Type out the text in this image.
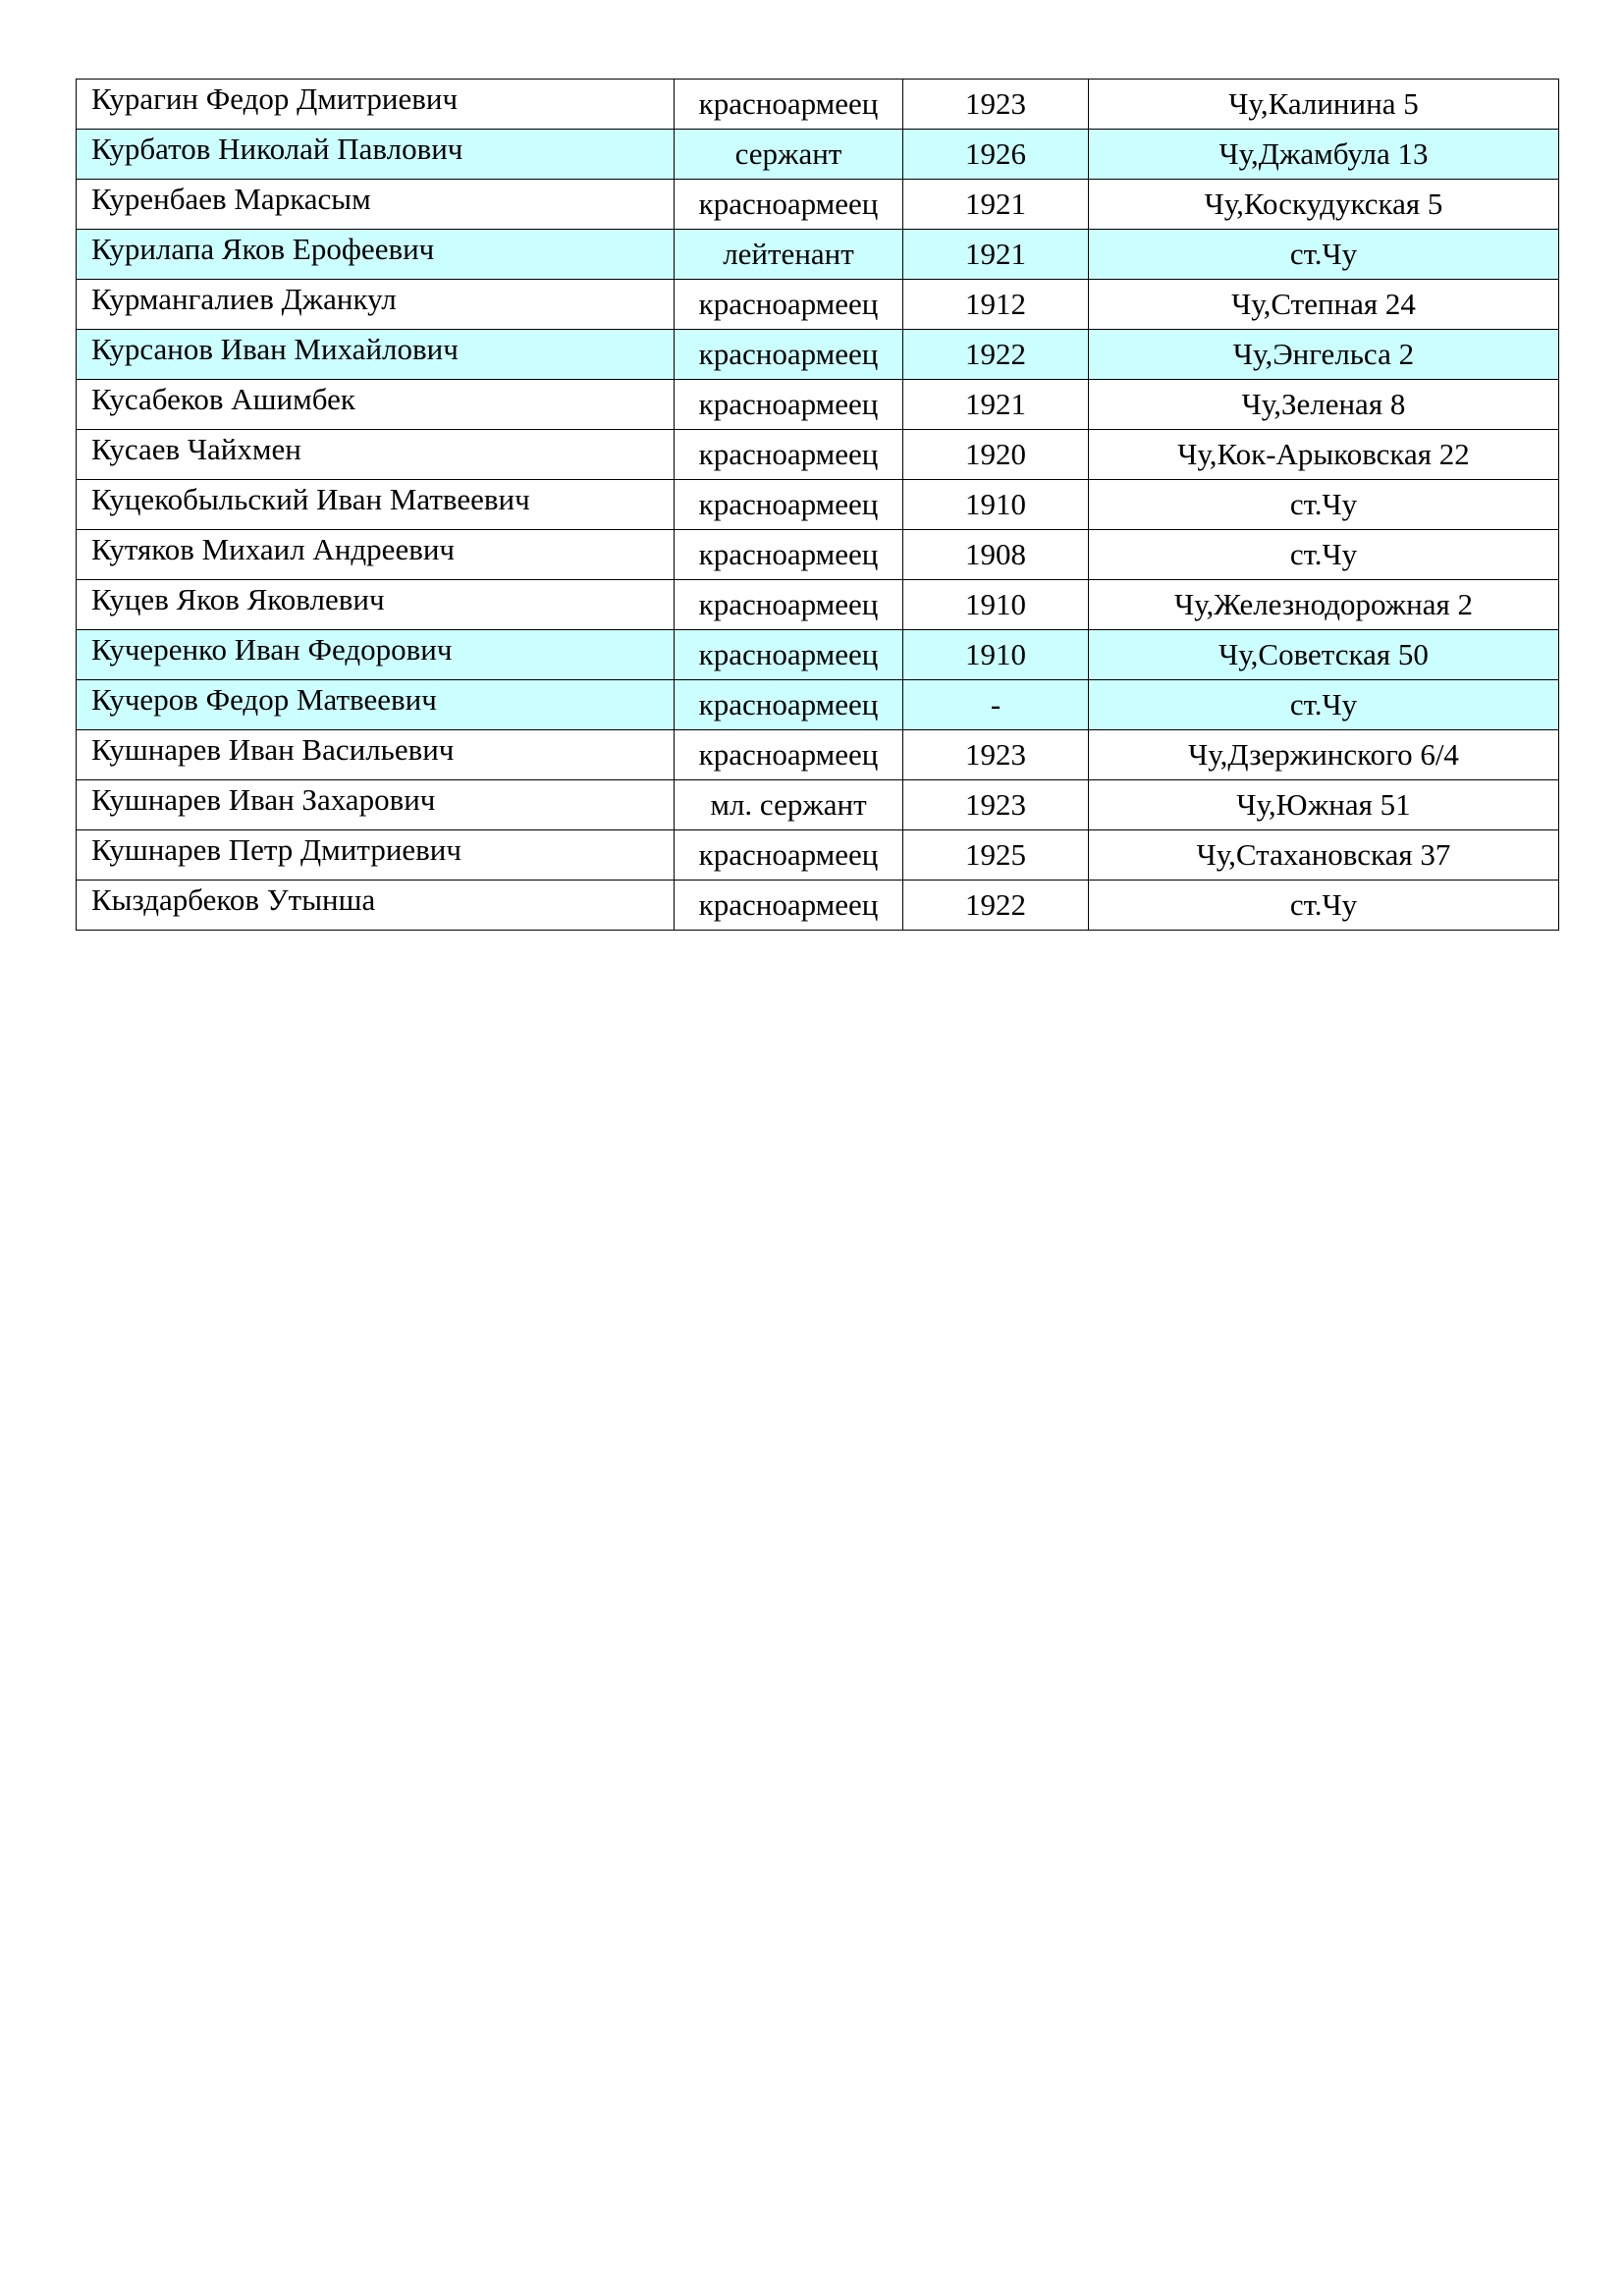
Курагин Федор Дмитриевич	красноармеец	1923	Чу,Калинина 5
Курбатов Николай Павлович	сержант	1926	Чу,Джамбула 13
Куренбаев Маркасым	красноармеец	1921	Чу,Коскудукская 5
Курилапа Яков Ерофеевич	лейтенант	1921	ст.Чу
Курмангалиев Джанкул	красноармеец	1912	Чу,Степная 24
Курсанов Иван Михайлович	красноармеец	1922	Чу,Энгельса 2
Кусабеков Ашимбек	красноармеец	1921	Чу,Зеленая 8
Кусаев Чайхмен	красноармеец	1920	Чу,Кок-Арыковская 22
Куцекобыльский Иван Матвеевич	красноармеец	1910	ст.Чу
Кутяков Михаил Андреевич	красноармеец	1908	ст.Чу
Куцев Яков Яковлевич	красноармеец	1910	Чу,Железнодорожная 2
Кучеренко Иван Федорович	красноармеец	1910	Чу,Советская 50
Кучеров Федор Матвеевич	красноармеец	-	ст.Чу
Кушнарев Иван Васильевич	красноармеец	1923	Чу,Дзержинского 6/4
Кушнарев Иван Захарович	мл. сержант	1923	Чу,Южная 51
Кушнарев Петр Дмитриевич	красноармеец	1925	Чу,Стахановская 37
Кыздарбеков Утынша	красноармеец	1922	ст.Чу
